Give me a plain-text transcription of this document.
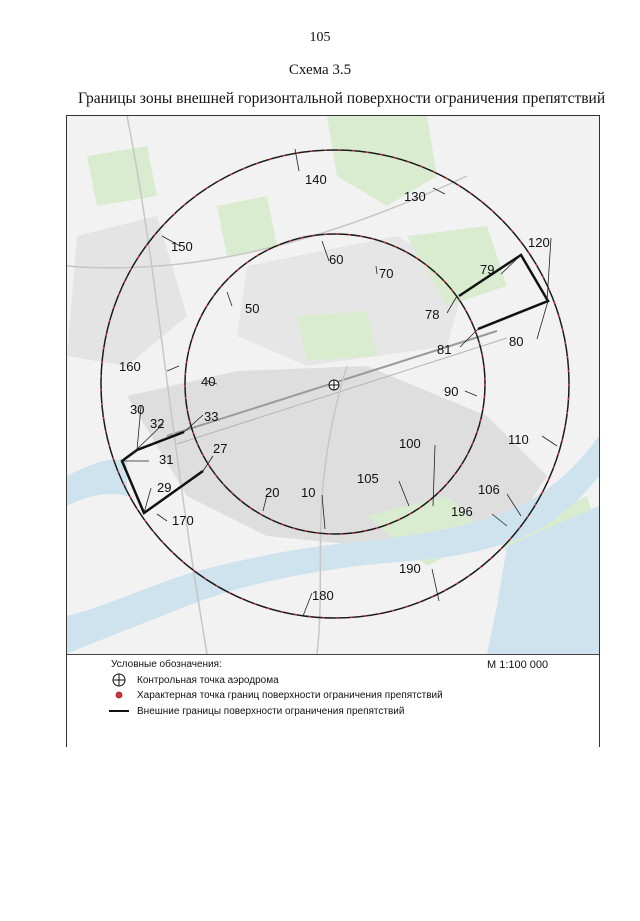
105
Схема 3.5
Границы зоны внешней горизонтальной поверхности ограничения препятствий
140
130
120
150
60
70	79
50	78
80
81
160
40
90
30	33
32
27
31
100	110
105
20 10
29	106
196
170
190
180
Условные обозначения:	М 1:100 000
Контрольная точка аэродрома
Характерная точка границ поверхности ограничения препятствий
Внешние границы поверхности ограничения препятствий
